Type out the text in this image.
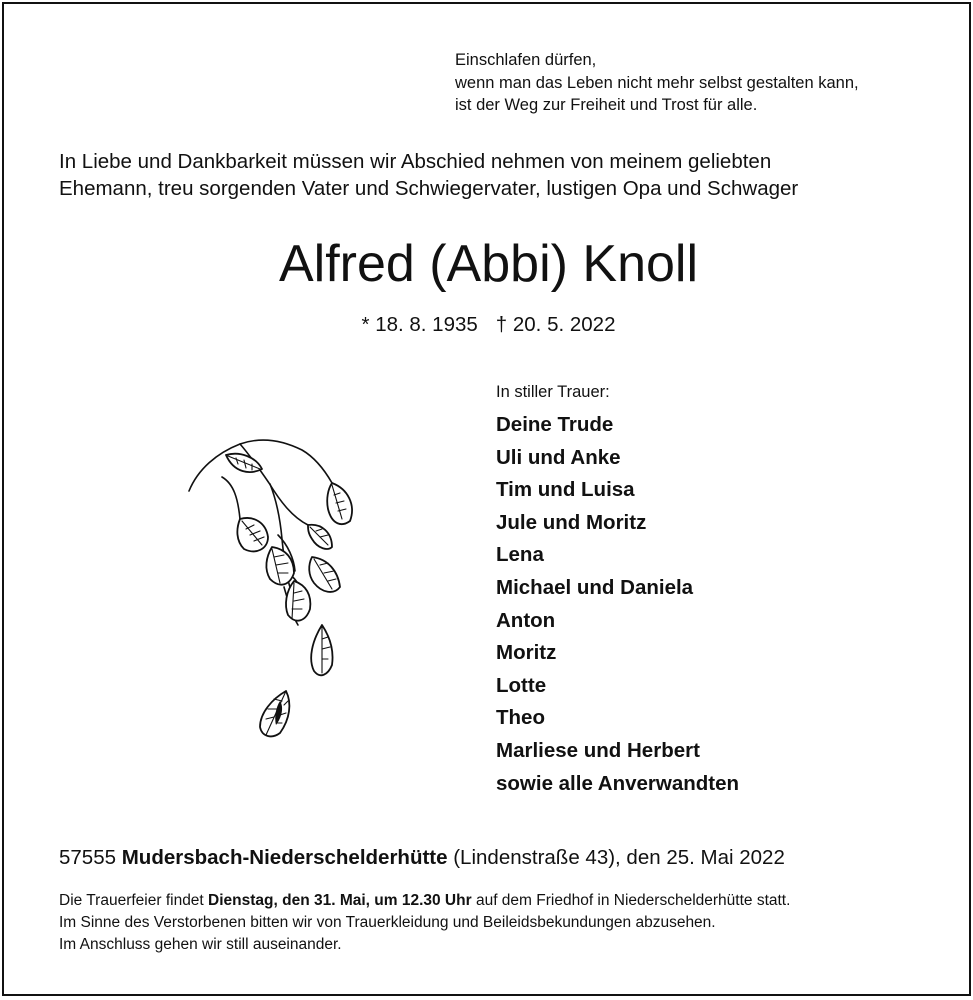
Einschlafen dürfen,
wenn man das Leben nicht mehr selbst gestalten kann,
ist der Weg zur Freiheit und Trost für alle.
In Liebe und Dankbarkeit müssen wir Abschied nehmen von meinem geliebten
Ehemann, treu sorgenden Vater und Schwiegervater, lustigen Opa und Schwager
Alfred (Abbi) Knoll
* 18. 8. 1935 † 20. 5. 2022
In stiller Trauer:
Deine Trude
Uli und Anke
Tim und Luisa
Jule und Moritz
Lena
Michael und Daniela
Anton
Moritz
Lotte
Theo
Marliese und Herbert
sowie alle Anverwandten
57555 Mudersbach-Niederschelderhütte (Lindenstraße 43), den 25. Mai 2022

Die Trauerfeier findet Dienstag, den 31. Mai, um 12.30 Uhr auf dem Friedhof in Niederschelderhütte statt.

Im Sinne des Verstorbenen bitten wir von Trauerkleidung und Beileidsbekundungen abzusehen.

Im Anschluss gehen wir still auseinander.
